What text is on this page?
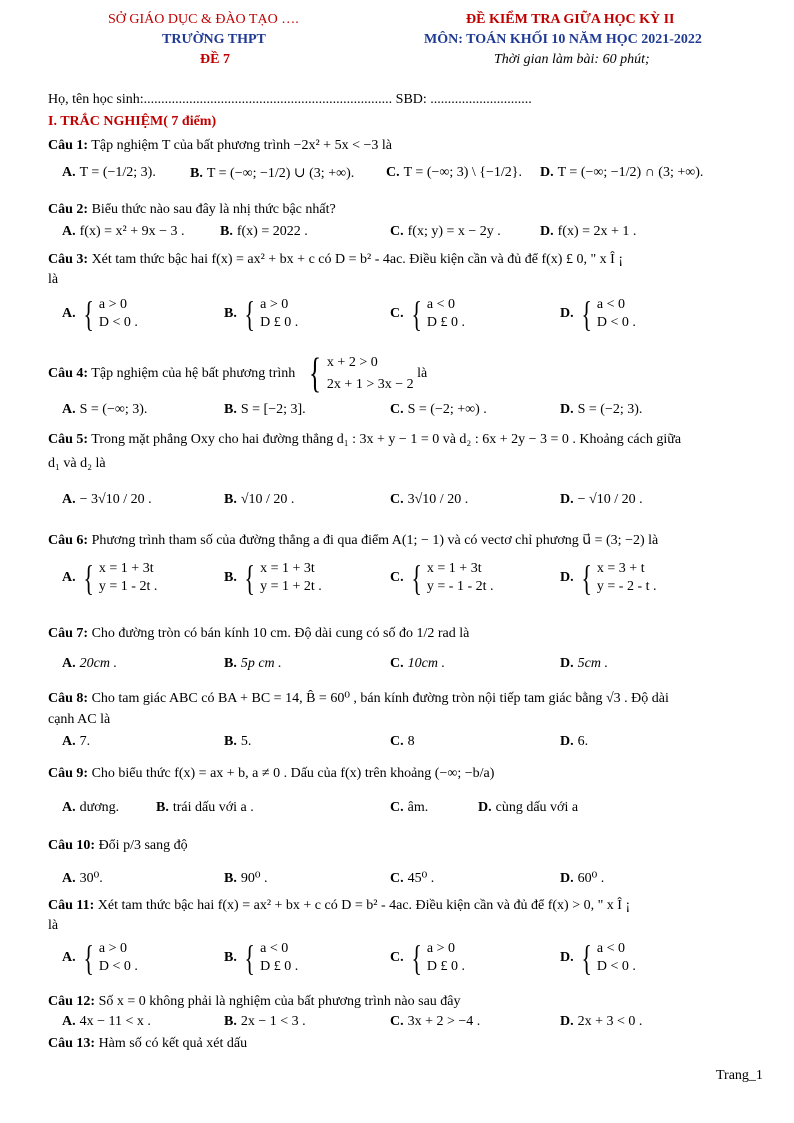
SỞ GIÁO DỤC & ĐÀO TẠO ….
TRƯỜNG THPT
ĐỀ 7
ĐỀ KIỂM TRA GIỮA HỌC KỲ II
MÔN: TOÁN KHỐI 10 NĂM HỌC 2021-2022
Thời gian làm bài: 60 phút;
Họ, tên học sinh:....................................................................... SBD: .............................
I. TRẮC NGHIỆM( 7 điểm)
Câu 1: Tập nghiệm T của bất phương trình −2x² + 5x < −3 là
A. T = (−1/2; 3). B. T = (−∞; −1/2) ∪ (3; +∞). C. T = (−∞; 3) \ {−1/2}. D. T = (−∞; −1/2) ∩ (3; +∞).
Câu 2: Biểu thức nào sau đây là nhị thức bậc nhất?
A. f(x) = x² + 9x − 3 .	B. f(x) = 2022 .	C. f(x; y) = x − 2y .	D. f(x) = 2x + 1 .
Câu 3: Xét tam thức bậc hai f(x) = ax² + bx + c có D = b² - 4ac. Điều kiện cần và đủ để f(x) £ 0, " x Î ¡
là
A. { a > 0
D < 0 .
B. { a > 0
D £ 0 .
C. { a < 0
D £ 0 .
D. { a < 0
D < 0 .
Câu 4: Tập nghiệm của hệ bất phương trình { x + 2 > 0
2x + 1 > 3x − 2
là
A. S = (−∞; 3).	B. S = [−2; 3].	C. S = (−2; +∞) .	D. S = (−2; 3).
Câu 5: Trong mặt phẳng Oxy cho hai đường thẳng d₁ : 3x + y − 1 = 0 và d₂ : 6x + 2y − 3 = 0 . Khoảng cách giữa
d₁ và d₂ là
A. − 3√10 / 20 .	B. √10 / 20 .	C. 3√10 / 20 .	D. − √10 / 20 .
Câu 6: Phương trình tham số của đường thẳng a đi qua điểm A(1; − 1) và có vectơ chỉ phương u⃗ = (3; −2) là
A. { x = 1 + 3t
y = 1 - 2t .
B. { x = 1 + 3t
y = 1 + 2t .
C. { x = 1 + 3t
y = - 1 - 2t .
D. { x = 3 + t
y = - 2 - t .
Câu 7: Cho đường tròn có bán kính 10 cm. Độ dài cung có số đo 1/2 rad là
A. 20cm .	B. 5p cm .	C. 10cm .	D. 5cm .
Câu 8: Cho tam giác ABC có BA + BC = 14, B̂ = 60⁰ , bán kính đường tròn nội tiếp tam giác bằng √3 . Độ dài
cạnh AC là
A. 7.	B. 5.	C. 8	D. 6.
Câu 9: Cho biểu thức f(x) = ax + b, a ≠ 0 . Dấu của f(x) trên khoảng (−∞; −b/a)
A. dương.	B. trái dấu với a .	C. âm.	D. cùng dấu với a
Câu 10: Đổi p/3 sang độ
A. 30⁰.	B. 90⁰ .	C. 45⁰ .	D. 60⁰ .
Câu 11: Xét tam thức bậc hai f(x) = ax² + bx + c có D = b² - 4ac. Điều kiện cần và đủ để f(x) > 0, " x Î ¡
là
A. { a > 0
D < 0 .
B. { a < 0
D £ 0 .
C. { a > 0
D £ 0 .
D. { a < 0
D < 0 .
Câu 12: Số x = 0 không phải là nghiệm của bất phương trình nào sau đây
A. 4x − 11 < x .	B. 2x − 1 < 3 .	C. 3x + 2 > −4 .	D. 2x + 3 < 0 .
Câu 13: Hàm số có kết quả xét dấu
Trang_1
